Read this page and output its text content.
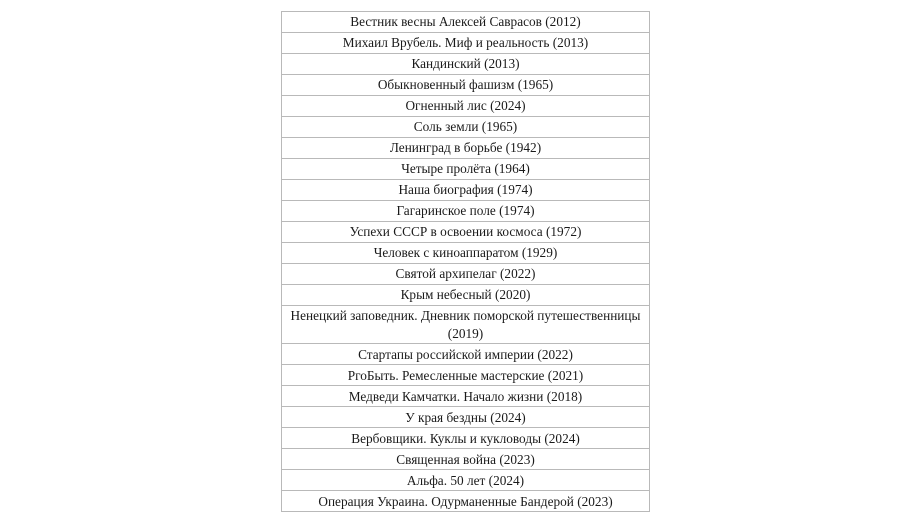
Вестник весны Алексей Саврасов (2012)
Михаил Врубель. Миф и реальность (2013)
Кандинский (2013)
Обыкновенный фашизм (1965)
Огненный лис (2024)
Соль земли (1965)
Ленинград в борьбе (1942)
Четыре пролёта (1964)
Наша биография (1974)
Гагаринское поле (1974)
Успехи СССР в освоении космоса (1972)
Человек с киноаппаратом (1929)
Святой архипелаг (2022)
Крым небесный (2020)
Ненецкий заповедник. Дневник поморской путешественницы (2019)
Стартапы российской империи (2022)
РгоБыть. Ремесленные мастерские (2021)
Медведи Камчатки. Начало жизни (2018)
У края бездны (2024)
Вербовщики. Куклы и кукловоды (2024)
Священная война (2023)
Альфа. 50 лет (2024)
Операция Украина. Одурманенные Бандерой (2023)
